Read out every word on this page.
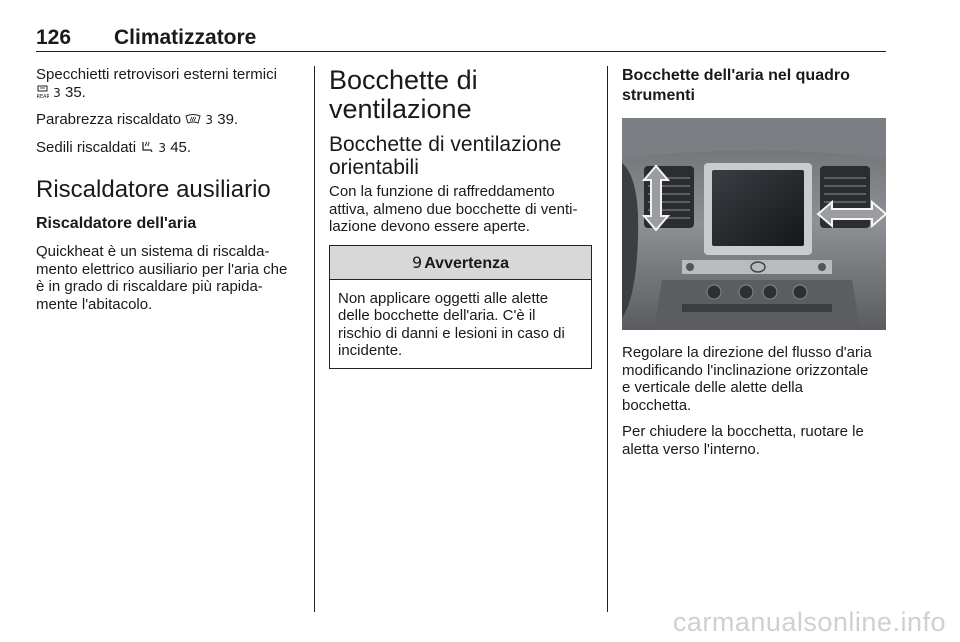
126 Climatizzatore

Specchietti retrovisori esterni termici

REAR 3 35.

Parabrezza riscaldato 3 39.

Sedili riscaldati 3 45.

Riscaldatore ausiliario
Riscaldatore dell'aria

Quickheat è un sistema di riscalda-
mento elettrico ausiliario per l'aria che
è in grado di riscaldare più rapida-
mente l'abitacolo.

Bocchette di
ventilazione
Bocchette di ventilazione
orientabili

Con la funzione di raffreddamento
attiva, almeno due bocchette di venti-
lazione devono essere aperte.

9 Avvertenza

Non applicare oggetti alle alette
delle bocchette dell'aria. C'è il
rischio di danni e lesioni in caso di
incidente.

Bocchette dell'aria nel quadro
strumenti

Regolare la direzione del flusso d'aria
modificando l'inclinazione orizzontale
e verticale delle alette della
bocchetta.

Per chiudere la bocchetta, ruotare le
aletta verso l'interno.

carmanualsonline.info
